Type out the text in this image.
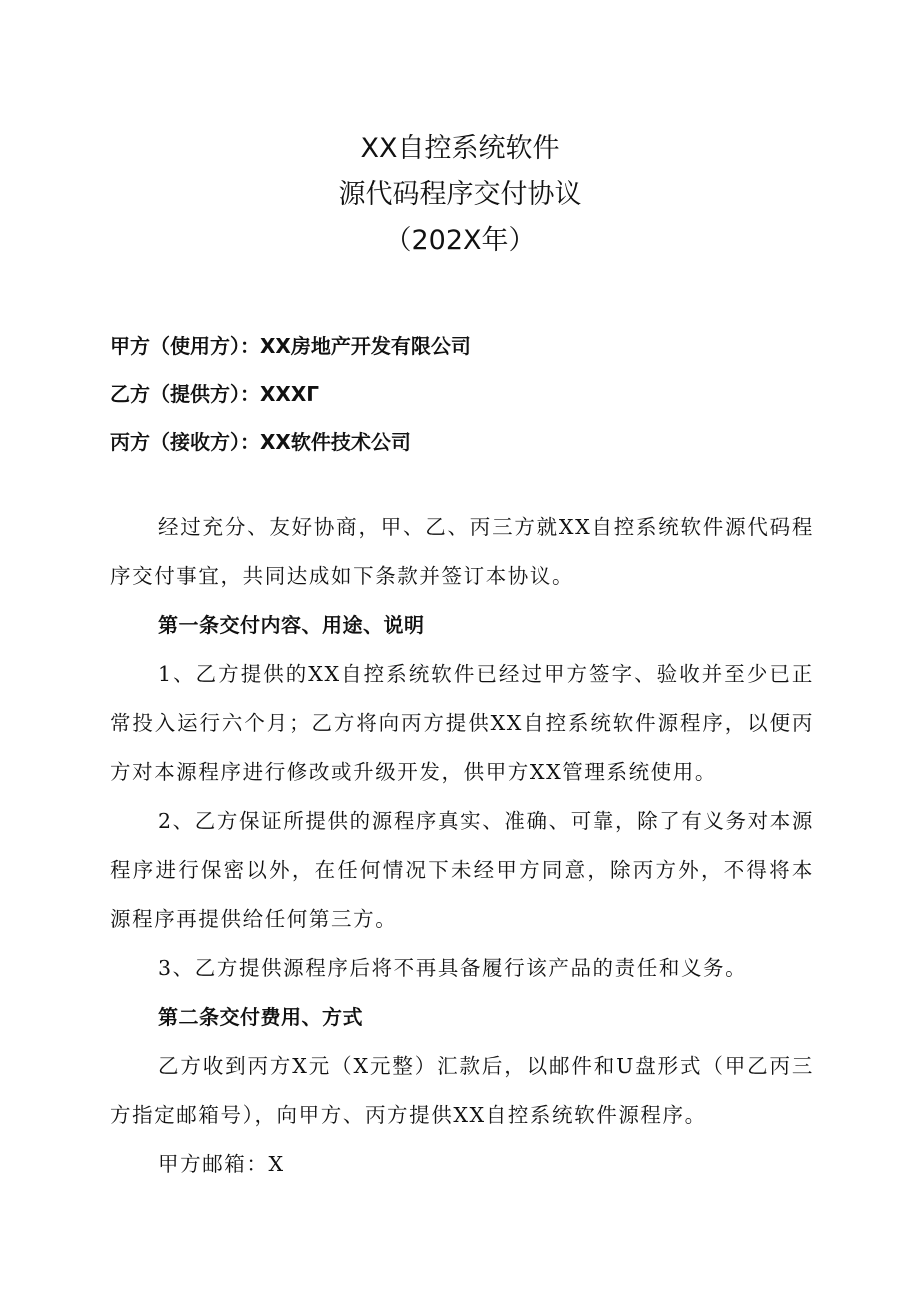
XX自控系统软件
源代码程序交付协议
（202X年）
甲方（使用方）：XX房地产开发有限公司
乙方（提供方）：XXXΓ
丙方（接收方）：XX软件技术公司

经过充分、友好协商，甲、乙、丙三方就XX自控系统软件源代码程序交付事宜，共同达成如下条款并签订本协议。

第一条交付内容、用途、说明

1、乙方提供的XX自控系统软件已经过甲方签字、验收并至少已正常投入运行六个月；乙方将向丙方提供XX自控系统软件源程序，以便丙方对本源程序进行修改或升级开发，供甲方XX管理系统使用。

2、乙方保证所提供的源程序真实、准确、可靠，除了有义务对本源程序进行保密以外，在任何情况下未经甲方同意，除丙方外，不得将本源程序再提供给任何第三方。

3、乙方提供源程序后将不再具备履行该产品的责任和义务。

第二条交付费用、方式

乙方收到丙方X元（X元整）汇款后，以邮件和U盘形式（甲乙丙三方指定邮箱号），向甲方、丙方提供XX自控系统软件源程序。

甲方邮箱：X
